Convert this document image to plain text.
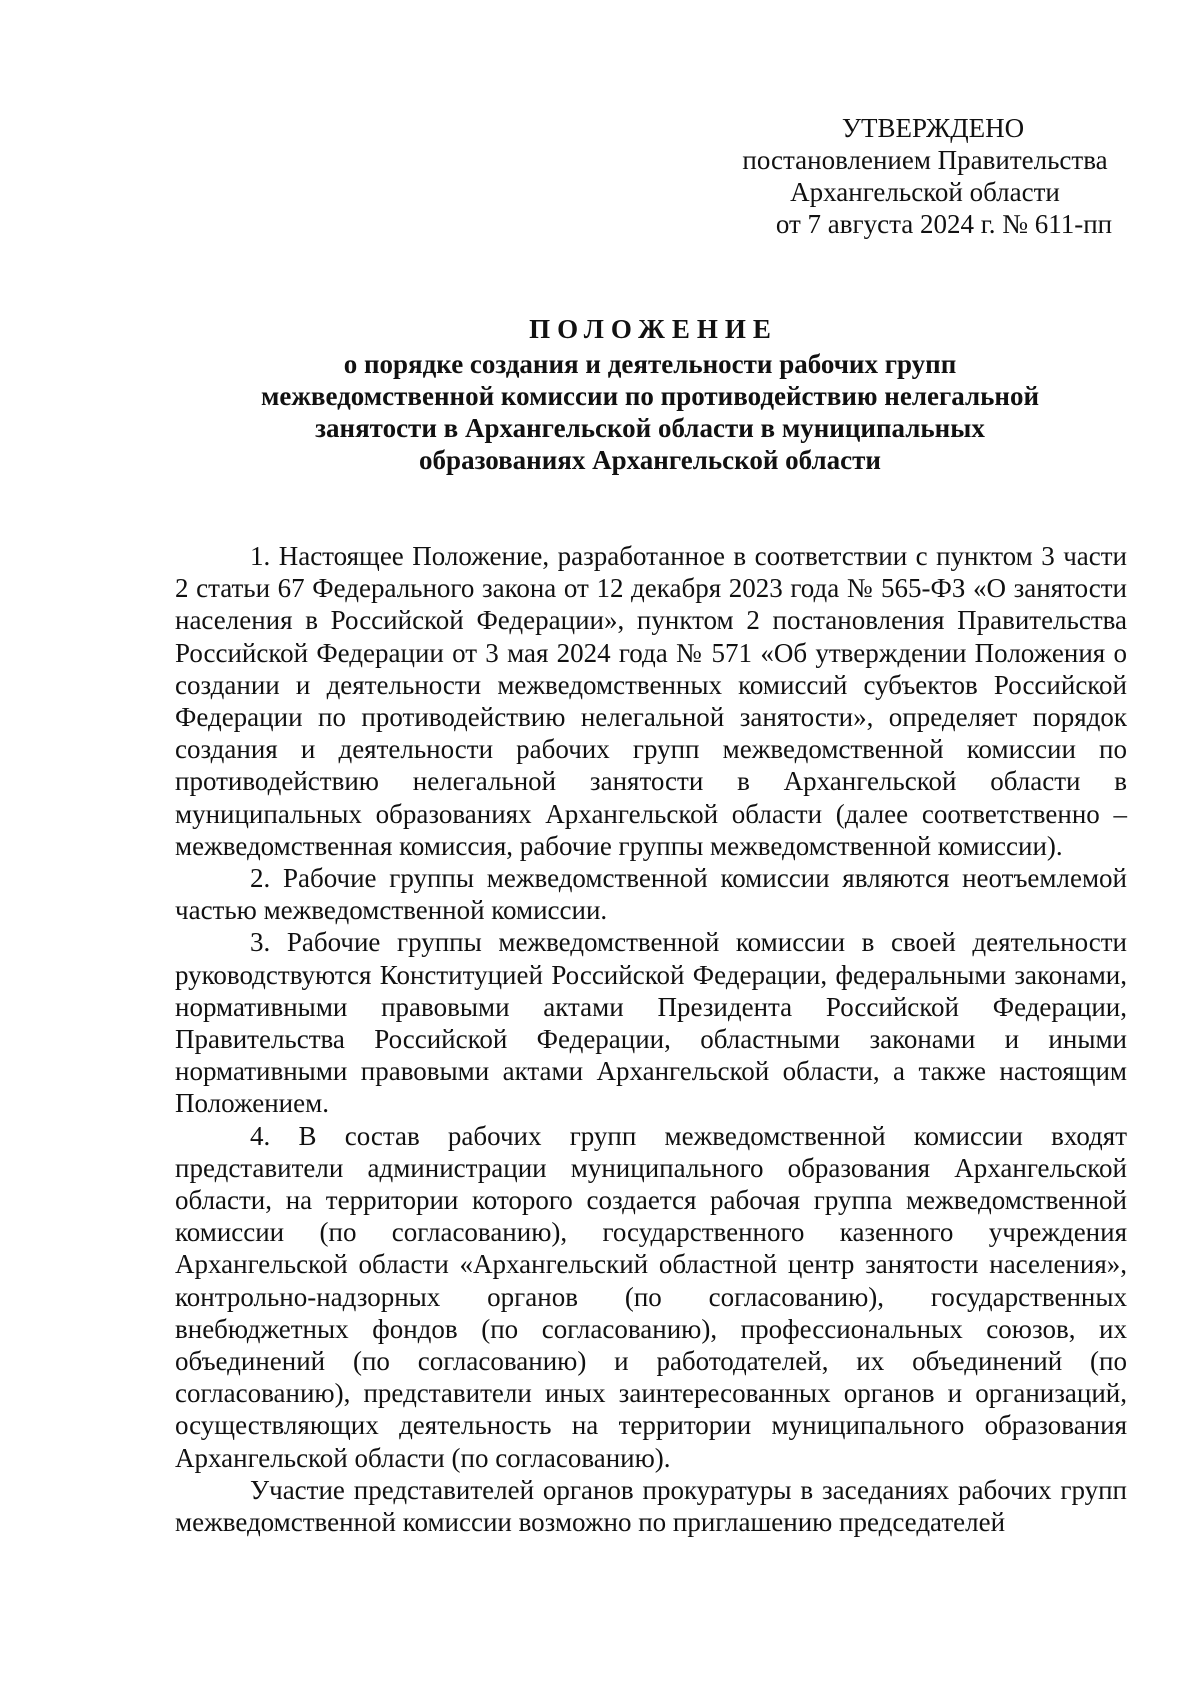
УТВЕРЖДЕНО
постановлением Правительства
Архангельской области
от 7 августа 2024 г. № 611-пп

ПОЛОЖЕНИЕ

о порядке создания и деятельности рабочих групп
межведомственной комиссии по противодействию нелегальной
занятости в Архангельской области в муниципальных
образованиях Архангельской области

1. Настоящее Положение, разработанное в соответствии с пунктом 3 части 2 статьи 67 Федерального закона от 12 декабря 2023 года № 565-ФЗ «О занятости населения в Российской Федерации», пунктом 2 постановления Правительства Российской Федерации от 3 мая 2024 года № 571 «Об утверждении Положения о создании и деятельности межведомственных комиссий субъектов Российской Федерации по противодействию нелегальной занятости», определяет порядок создания и деятельности рабочих групп межведомственной комиссии по противодействию нелегальной занятости в Архангельской области в муниципальных образованиях Архангельской области (далее соответственно – межведомственная комиссия, рабочие группы межведомственной комиссии).

2. Рабочие группы межведомственной комиссии являются неотъемлемой частью межведомственной комиссии.

3. Рабочие группы межведомственной комиссии в своей деятельности руководствуются Конституцией Российской Федерации, федеральными законами, нормативными правовыми актами Президента Российской Федерации, Правительства Российской Федерации, областными законами и иными нормативными правовыми актами Архангельской области, а также настоящим Положением.

4. В состав рабочих групп межведомственной комиссии входят представители администрации муниципального образования Архангельской области, на территории которого создается рабочая группа межведомственной комиссии (по согласованию), государственного казенного учреждения Архангельской области «Архангельский областной центр занятости населения», контрольно-надзорных органов (по согласованию), государственных внебюджетных фондов (по согласованию), профессиональных союзов, их объединений (по согласованию) и работодателей, их объединений (по согласованию), представители иных заинтересованных органов и организаций, осуществляющих деятельность на территории муниципального образования Архангельской области (по согласованию).

Участие представителей органов прокуратуры в заседаниях рабочих групп межведомственной комиссии возможно по приглашению председателей
